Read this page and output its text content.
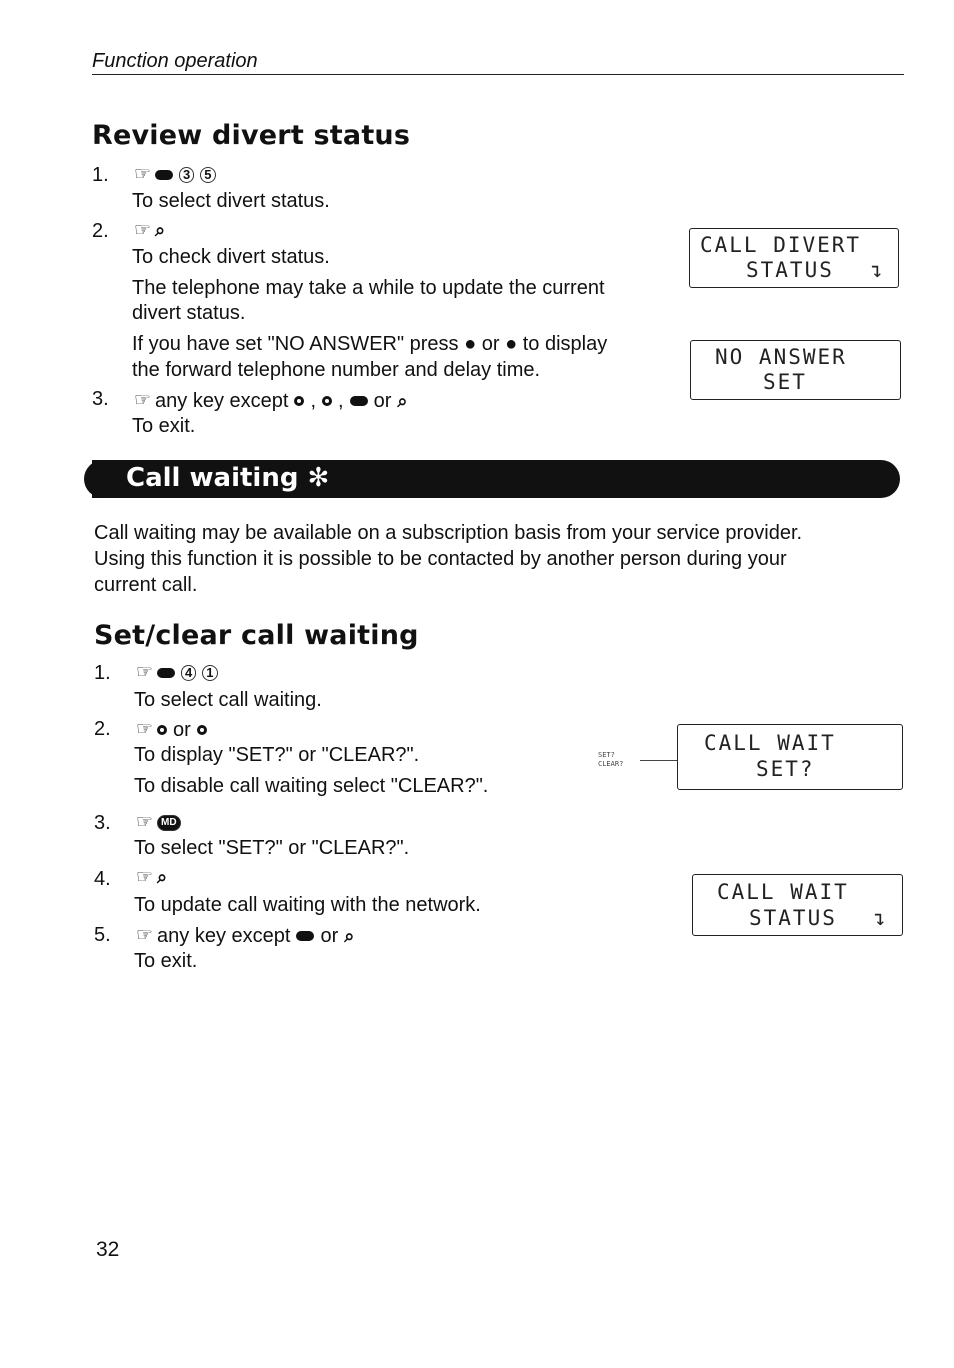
Function operation
Review divert status
1. ☞	3	5
To select divert status.
2. ☞ ⌕
To check divert status.
The telephone may take a while to update the current
divert status.
If you have set "NO ANSWER" press ● or ● to display
the forward telephone number and delay time.
3. ☞ any key except , , or ⌕
To exit.
CALL DIVERT
STATUS ↴
NO ANSWER
SET
Call waiting ✻
Call waiting may be available on a subscription basis from your service provider.
Using this function it is possible to be contacted by another person during your
current call.
Set/clear call waiting
1. ☞	4	1
To select call waiting.
2. ☞ or
To display "SET?" or "CLEAR?".
To disable call waiting select "CLEAR?".
3. ☞	MD
To select "SET?" or "CLEAR?".
4. ☞ ⌕
To update call waiting with the network.
5. ☞ any key except or ⌕
To exit.
SET?
CLEAR?
CALL WAIT
SET?
CALL WAIT
STATUS ↴
32
